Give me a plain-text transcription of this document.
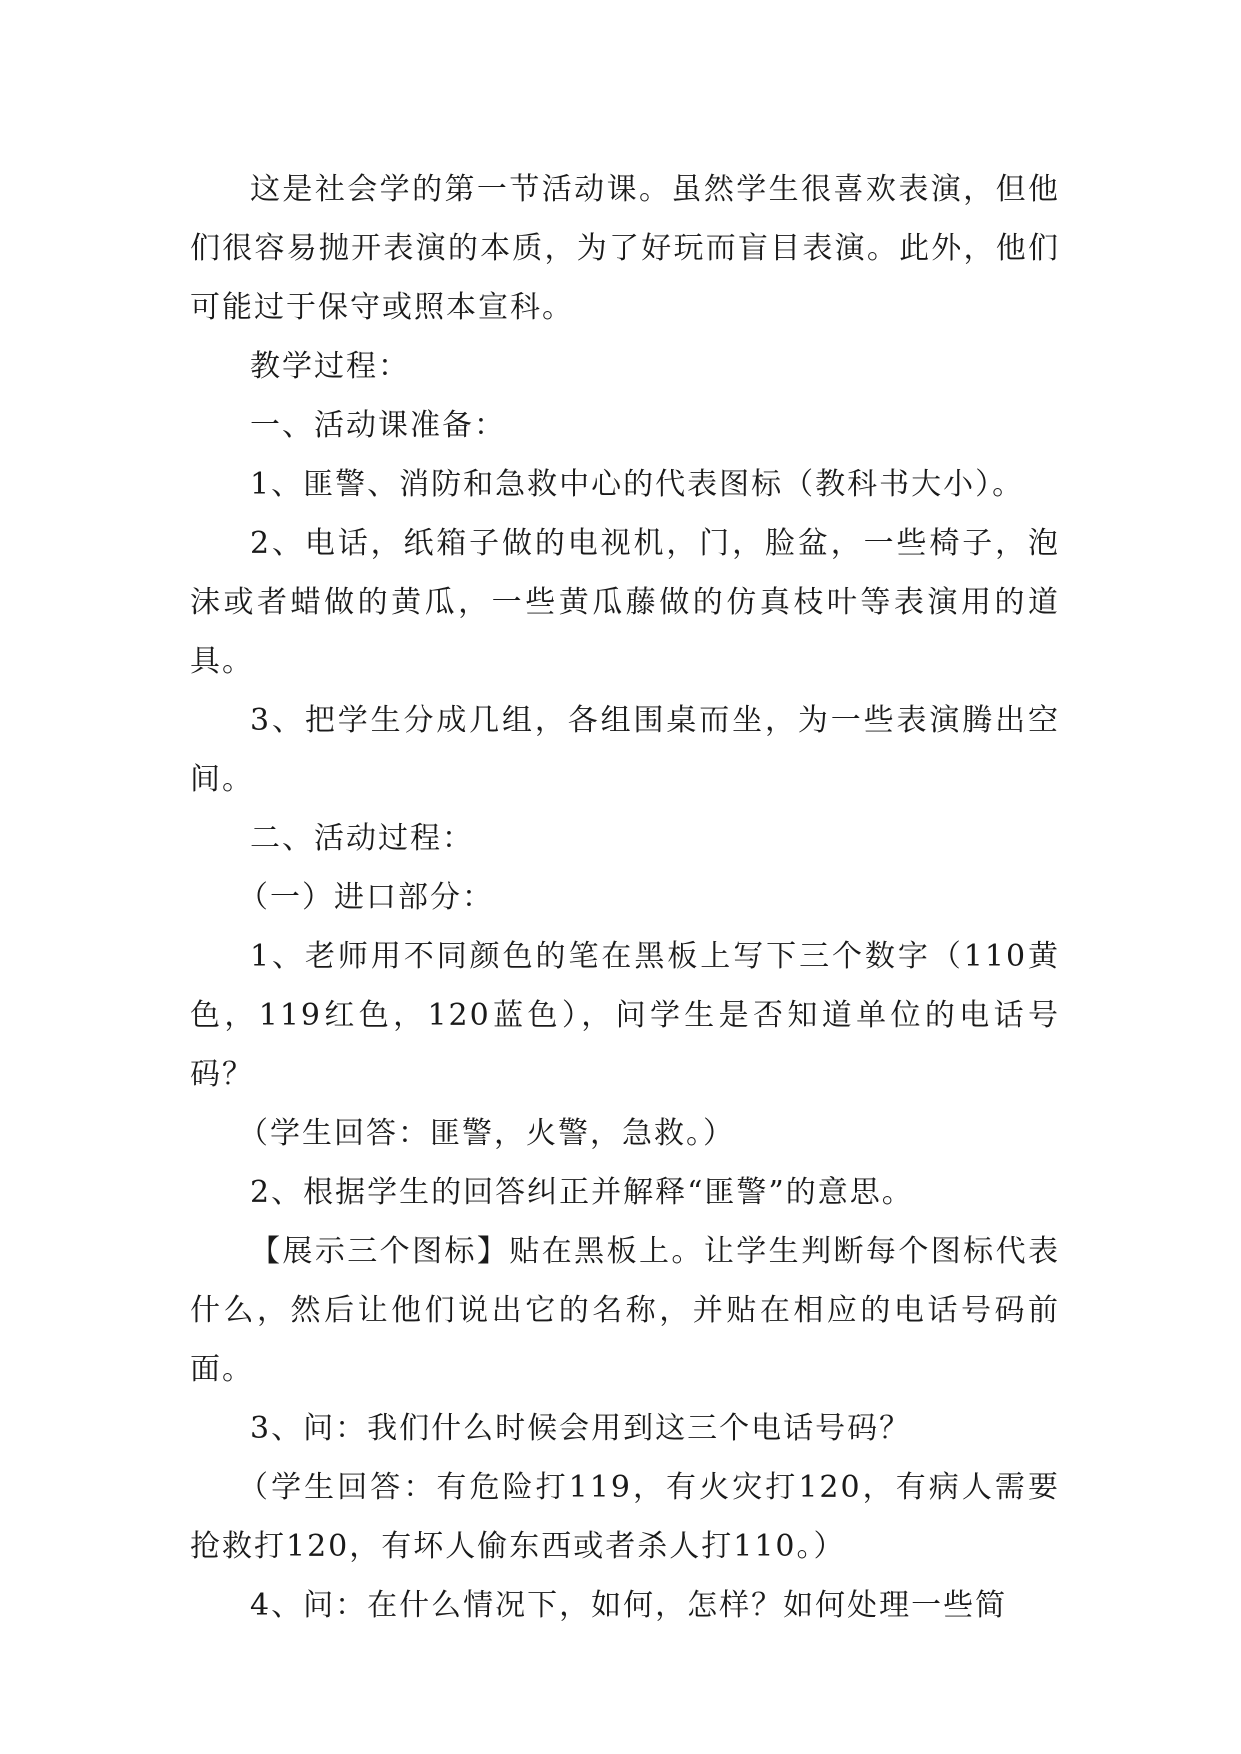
这是社会学的第一节活动课。虽然学生很喜欢表演，但他们很容易抛开表演的本质，为了好玩而盲目表演。此外，他们可能过于保守或照本宣科。

教学过程：

一、活动课准备：

1、匪警、消防和急救中心的代表图标（教科书大小）。

2、电话，纸箱子做的电视机，门，脸盆，一些椅子，泡沫或者蜡做的黄瓜，一些黄瓜藤做的仿真枝叶等表演用的道具。

3、把学生分成几组，各组围桌而坐，为一些表演腾出空间。

二、活动过程：

（一）进口部分：

1、老师用不同颜色的笔在黑板上写下三个数字（110黄色，119红色，120蓝色），问学生是否知道单位的电话号码？

（学生回答：匪警，火警，急救。）

2、根据学生的回答纠正并解释“匪警”的意思。

【展示三个图标】贴在黑板上。让学生判断每个图标代表什么，然后让他们说出它的名称，并贴在相应的电话号码前面。

3、问：我们什么时候会用到这三个电话号码？

（学生回答：有危险打119，有火灾打120，有病人需要抢救打120，有坏人偷东西或者杀人打110。）

4、问：在什么情况下，如何，怎样？如何处理一些简
